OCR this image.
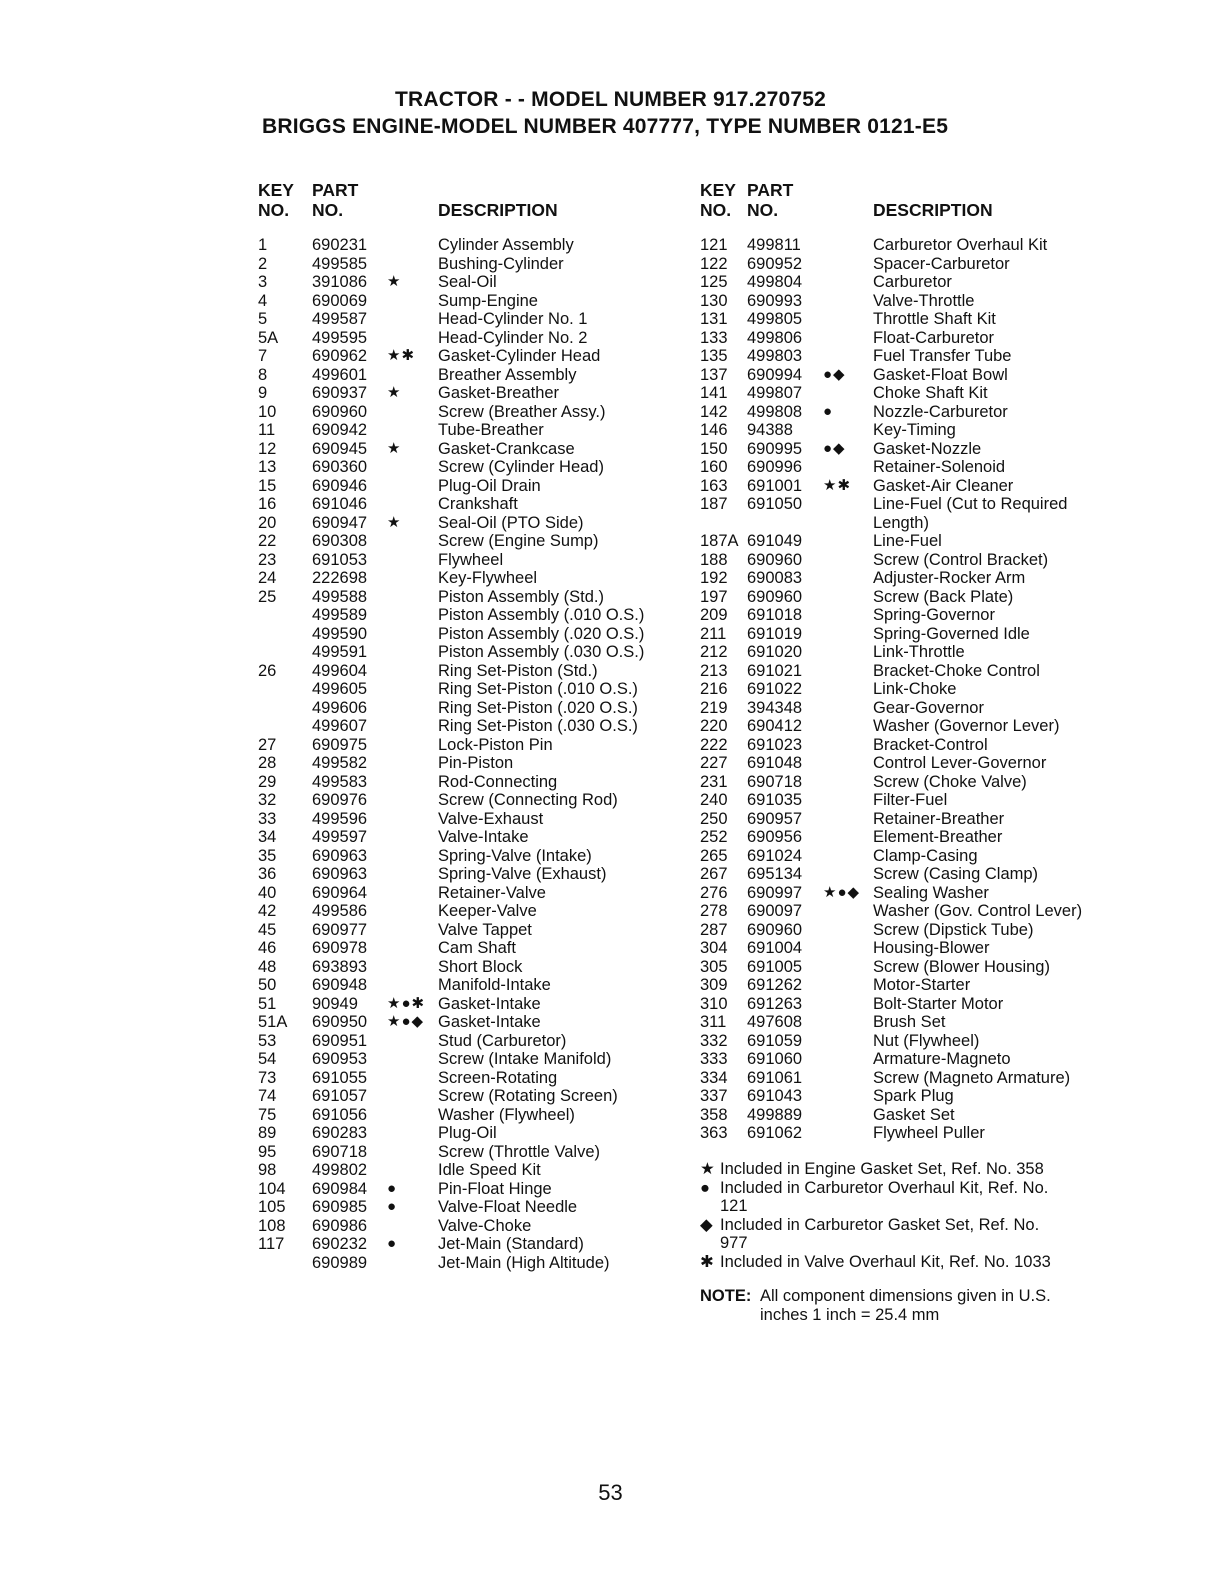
TRACTOR - - MODEL NUMBER 917.270752
BRIGGS ENGINE-MODEL NUMBER 407777, TYPE NUMBER 0121-E5
KEY
NO.
PART
NO.	DESCRIPTION
1	690231	Cylinder Assembly
2	499585	Bushing-Cylinder
3	391086 ★ Seal-Oil
4	690069	Sump-Engine
5	499587	Head-Cylinder No. 1
5A 499595	Head-Cylinder No. 2
7	690962 ★✱ Gasket-Cylinder Head
8	499601	Breather Assembly
9	690937 ★ Gasket-Breather
10 690960	Screw (Breather Assy.)
11 690942	Tube-Breather
12 690945 ★ Gasket-Crankcase
13 690360	Screw (Cylinder Head)
15 690946	Plug-Oil Drain
16 691046	Crankshaft
20 690947 ★ Seal-Oil (PTO Side)
22 690308	Screw (Engine Sump)
23 691053	Flywheel
24 222698	Key-Flywheel
25 499588	Piston Assembly (Std.)
499589	Piston Assembly (.010 O.S.)
499590	Piston Assembly (.020 O.S.)
499591	Piston Assembly (.030 O.S.)
26 499604	Ring Set-Piston (Std.)
499605	Ring Set-Piston (.010 O.S.)
499606	Ring Set-Piston (.020 O.S.)
499607	Ring Set-Piston (.030 O.S.)
27 690975	Lock-Piston Pin
28 499582	Pin-Piston
29 499583	Rod-Connecting
32 690976	Screw (Connecting Rod)
33 499596	Valve-Exhaust
34 499597	Valve-Intake
35 690963	Spring-Valve (Intake)
36 690963	Spring-Valve (Exhaust)
40 690964	Retainer-Valve
42 499586	Keeper-Valve
45 690977	Valve Tappet
46 690978	Cam Shaft
48 693893	Short Block
50 690948	Manifold-Intake
51 90949 ★●✱ Gasket-Intake
51A 690950 ★●◆ Gasket-Intake
53 690951	Stud (Carburetor)
54 690953	Screw (Intake Manifold)
73 691055	Screen-Rotating
74 691057	Screw (Rotating Screen)
75 691056	Washer (Flywheel)
89 690283	Plug-Oil
95 690718	Screw (Throttle Valve)
98 499802	Idle Speed Kit
104 690984 ● Pin-Float Hinge
105 690985 ● Valve-Float Needle
108 690986	Valve-Choke
117 690232 ● Jet-Main (Standard)
690989	Jet-Main (High Altitude)
KEY
NO.
PART
NO.	DESCRIPTION
121 499811	Carburetor Overhaul Kit
122 690952	Spacer-Carburetor
125 499804	Carburetor
130 690993	Valve-Throttle
131 499805	Throttle Shaft Kit
133 499806	Float-Carburetor
135 499803	Fuel Transfer Tube
137 690994 ●◆ Gasket-Float Bowl
141 499807	Choke Shaft Kit
142 499808 ● Nozzle-Carburetor
146 94388	Key-Timing
150 690995 ●◆ Gasket-Nozzle
160 690996	Retainer-Solenoid
163 691001 ★✱ Gasket-Air Cleaner
187 691050	Line-Fuel (Cut to Required
Length)
187A 691049	Line-Fuel
188 690960	Screw (Control Bracket)
192 690083	Adjuster-Rocker Arm
197 690960	Screw (Back Plate)
209 691018	Spring-Governor
211 691019	Spring-Governed Idle
212 691020	Link-Throttle
213 691021	Bracket-Choke Control
216 691022	Link-Choke
219 394348	Gear-Governor
220 690412	Washer (Governor Lever)
222 691023	Bracket-Control
227 691048	Control Lever-Governor
231 690718	Screw (Choke Valve)
240 691035	Filter-Fuel
250 690957	Retainer-Breather
252 690956	Element-Breather
265 691024	Clamp-Casing
267 695134	Screw (Casing Clamp)
276 690997 ★●◆ Sealing Washer
278 690097	Washer (Gov. Control Lever)
287 690960	Screw (Dipstick Tube)
304 691004	Housing-Blower
305 691005	Screw (Blower Housing)
309 691262	Motor-Starter
310 691263	Bolt-Starter Motor
311 497608	Brush Set
332 691059	Nut (Flywheel)
333 691060	Armature-Magneto
334 691061	Screw (Magneto Armature)
337 691043	Spark Plug
358 499889	Gasket Set
363 691062	Flywheel Puller
★ Included in Engine Gasket Set, Ref. No. 358
● Included in Carburetor Overhaul Kit, Ref. No.
121
◆ Included in Carburetor Gasket Set, Ref. No.
977
✱ Included in Valve Overhaul Kit, Ref. No. 1033
NOTE: All component dimensions given in U.S. inches 1 inch = 25.4 mm
53
